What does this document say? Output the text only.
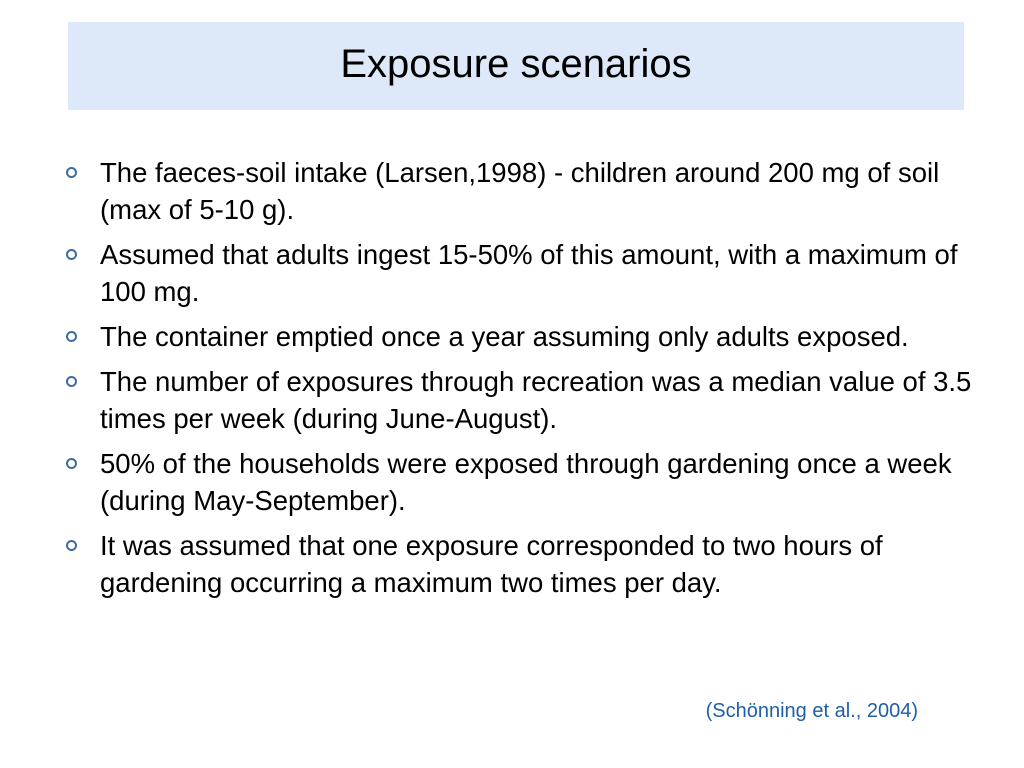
Exposure scenarios
The faeces-soil intake (Larsen,1998) - children around 200 mg of soil (max of 5-10 g).
Assumed that adults ingest 15-50% of this amount, with a maximum of 100 mg.
The container emptied once a year assuming only adults exposed.
The number of exposures through recreation was a median value of 3.5 times per week (during June-August).
50% of the households were exposed through gardening once a week (during May-September).
It was assumed that one exposure corresponded to two hours of gardening occurring a maximum two times per day.
(Schönning et al., 2004)
